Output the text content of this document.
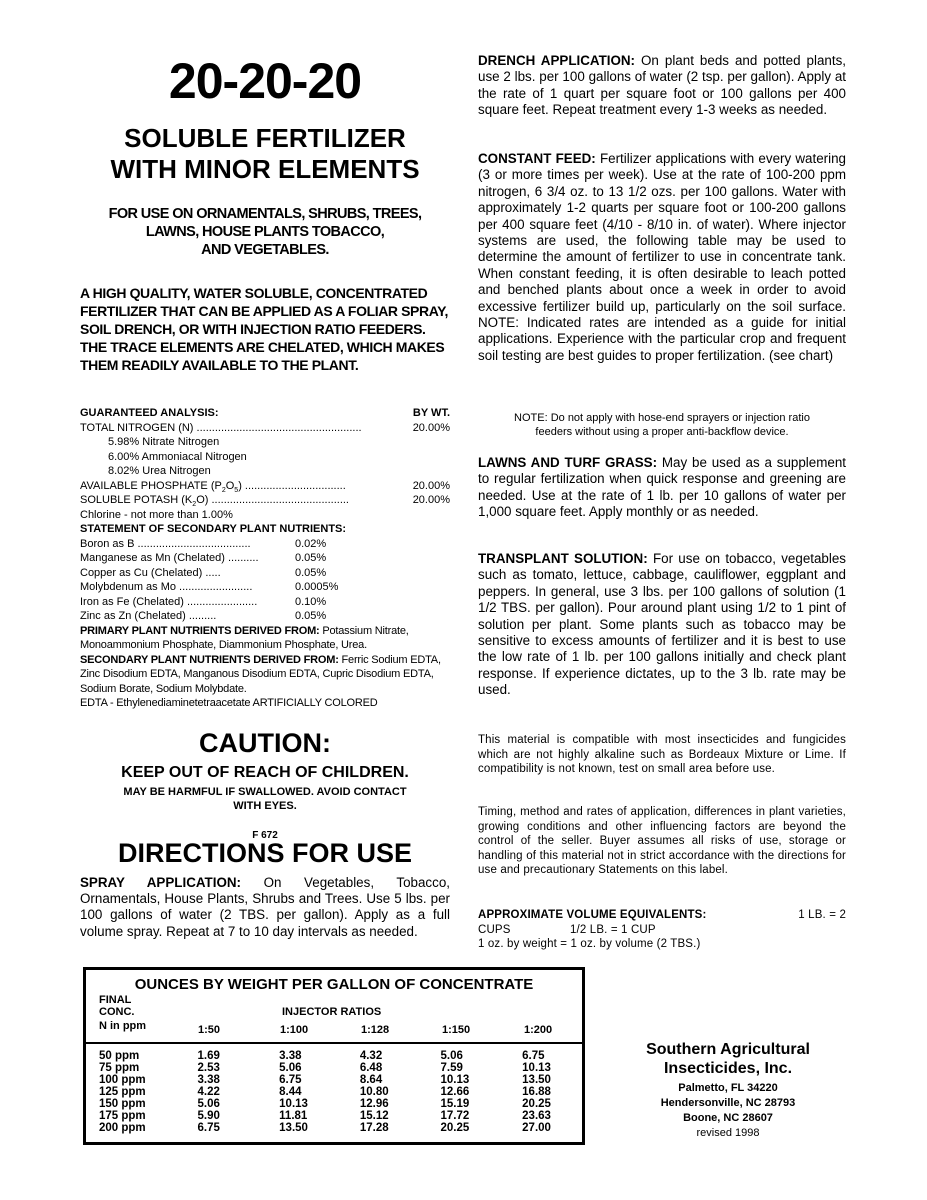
20-20-20
SOLUBLE FERTILIZER
WITH MINOR ELEMENTS
FOR USE ON ORNAMENTALS, SHRUBS, TREES,
LAWNS, HOUSE PLANTS TOBACCO,
AND VEGETABLES.
A HIGH QUALITY, WATER SOLUBLE, CONCENTRATED FERTILIZER THAT CAN BE APPLIED AS A FOLIAR SPRAY, SOIL DRENCH, OR WITH INJECTION RATIO FEEDERS. THE TRACE ELEMENTS ARE CHELATED, WHICH MAKES THEM READILY AVAILABLE TO THE PLANT.
GUARANTEED ANALYSIS:	BY WT.
TOTAL NITROGEN (N) ......................................................	20.00%
5.98% Nitrate Nitrogen
6.00% Ammoniacal Nitrogen
8.02% Urea Nitrogen
AVAILABLE PHOSPHATE $(P_2O_5)$ .................................	20.00%
SOLUBLE POTASH $(K_2O)$ .............................................	20.00%
Chlorine - not more than 1.00%
STATEMENT OF SECONDARY PLANT NUTRIENTS:
Boron as B .....................................	0.02%
Manganese as Mn (Chelated) ..........	0.05%
Copper as Cu (Chelated) .....	0.05%
Molybdenum as Mo ........................	0.0005%
Iron as Fe (Chelated) .......................	0.10%
Zinc as Zn (Chelated) .........	0.05%
PRIMARY PLANT NUTRIENTS DERIVED FROM: Potassium Nitrate, Monoammonium Phosphate, Diammonium Phosphate, Urea.
SECONDARY PLANT NUTRIENTS DERIVED FROM: Ferric Sodium EDTA, Zinc Disodium EDTA, Manganous Disodium EDTA, Cupric Disodium EDTA, Sodium Borate, Sodium Molybdate.
EDTA - Ethylenediaminetetraacetate ARTIFICIALLY COLORED
CAUTION:
KEEP OUT OF REACH OF CHILDREN.
MAY BE HARMFUL IF SWALLOWED. AVOID CONTACT
WITH EYES.
F 672
DIRECTIONS FOR USE
SPRAY APPLICATION: On Vegetables, Tobacco, Ornamentals, House Plants, Shrubs and Trees. Use 5 lbs. per 100 gallons of water (2 TBS. per gallon). Apply as a full volume spray. Repeat at 7 to 10 day intervals as needed.
OUNCES BY WEIGHT PER GALLON OF CONCENTRATE
FINAL
CONC.	INJECTOR RATIOS
N in ppm	1:50	1:100	1:128	1:150	1:200
50 ppm	1.69	3.38	4.32	5.06	6.75
75 ppm	2.53	5.06	6.48	7.59	10.13
100 ppm	3.38	6.75	8.64	10.13	13.50
125 ppm	4.22	8.44	10.80	12.66	16.88
150 ppm	5.06	10.13	12.96	15.19	20.25
175 ppm	5.90	11.81	15.12	17.72	23.63
200 ppm	6.75	13.50	17.28	20.25	27.00
DRENCH APPLICATION: On plant beds and potted plants, use 2 lbs. per 100 gallons of water (2 tsp. per gallon). Apply at the rate of 1 quart per square foot or 100 gallons per 400 square feet. Repeat treatment every 1-3 weeks as needed.
CONSTANT FEED: Fertilizer applications with every watering (3 or more times per week). Use at the rate of 100-200 ppm nitrogen, 6 3/4 oz. to 13 1/2 ozs. per 100 gallons. Water with approximately 1-2 quarts per square foot or 100-200 gallons per 400 square feet (4/10 - 8/10 in. of water). Where injector systems are used, the following table may be used to determine the amount of fertilizer to use in concentrate tank. When constant feeding, it is often desirable to leach potted and benched plants about once a week in order to avoid excessive fertilizer build up, particularly on the soil surface. NOTE: Indicated rates are intended as a guide for initial applications. Experience with the particular crop and frequent soil testing are best guides to proper fertilization. (see chart)
NOTE: Do not apply with hose-end sprayers or injection ratio
feeders without using a proper anti-backflow device.
LAWNS AND TURF GRASS: May be used as a supplement to regular fertilization when quick response and greening are needed. Use at the rate of 1 lb. per 10 gallons of water per 1,000 square feet. Apply monthly or as needed.
TRANSPLANT SOLUTION: For use on tobacco, vegetables such as tomato, lettuce, cabbage, cauliflower, eggplant and peppers. In general, use 3 lbs. per 100 gallons of solution (1 1/2 TBS. per gallon). Pour around plant using 1/2 to 1 pint of solution per plant. Some plants such as tobacco may be sensitive to excess amounts of fertilizer and it is best to use the low rate of 1 lb. per 100 gallons initially and check plant response. If experience dictates, up to the 3 lb. rate may be used.
This material is compatible with most insecticides and fungicides which are not highly alkaline such as Bordeaux Mixture or Lime. If compatibility is not known, test on small area before use.
Timing, method and rates of application, differences in plant varieties, growing conditions and other influencing factors are beyond the control of the seller. Buyer assumes all risks of use, storage or handling of this material not in strict accordance with the directions for use and precautionary Statements on this label.
APPROXIMATE VOLUME EQUIVALENTS:	1 LB. = 2
CUPS	1/2 LB. = 1 CUP
1 oz. by weight = 1 oz. by volume (2 TBS.)
Southern Agricultural
Insecticides, Inc.
Palmetto, FL 34220
Hendersonville, NC 28793
Boone, NC 28607
revised 1998
